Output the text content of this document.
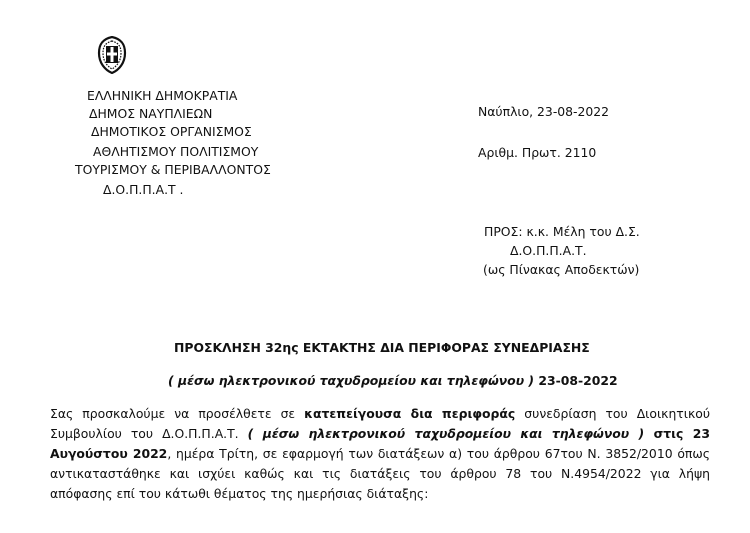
ΕΛΛΗΝΙΚΗ ΔΗΜΟΚΡΑΤΙΑ
ΔΗΜΟΣ ΝΑΥΠΛΙΕΩΝ
ΔΗΜΟΤΙΚΟΣ ΟΡΓΑΝΙΣΜΟΣ
ΑΘΛΗΤΙΣΜΟΥ ΠΟΛΙΤΙΣΜΟΥ
ΤΟΥΡΙΣΜΟΥ & ΠΕΡΙΒΑΛΛΟΝΤΟΣ
Δ.Ο.Π.Π.Α.Τ .
Ναύπλιο, 23-08-2022
Αριθμ. Πρωτ. 2110
ΠΡΟΣ: κ.κ. Μέλη του Δ.Σ.
Δ.Ο.Π.Π.Α.Τ.
(ως Πίνακας Αποδεκτών)
ΠΡΟΣΚΛΗΣΗ 32ης ΕΚΤΑΚΤΗΣ ΔΙΑ ΠΕΡΙΦΟΡΑΣ ΣΥΝΕΔΡΙΑΣΗΣ
( μέσω ηλεκτρονικού ταχυδρομείου και τηλεφώνου ) 23-08-2022
Σας προσκαλούμε να προσέλθετε σε κατεπείγουσα δια περιφοράς συνεδρίαση του Διοικητικού Συμβουλίου του Δ.Ο.Π.Π.Α.Τ. ( μέσω ηλεκτρονικού ταχυδρομείου και τηλεφώνου ) στις 23 Αυγούστου 2022, ημέρα Τρίτη, σε εφαρμογή των διατάξεων α) του άρθρου 67του Ν. 3852/2010 όπως αντικαταστάθηκε και ισχύει καθώς και τις διατάξεις του άρθρου 78 του Ν.4954/2022 για λήψη απόφασης επί του κάτωθι θέματος της ημερήσιας διάταξης:
